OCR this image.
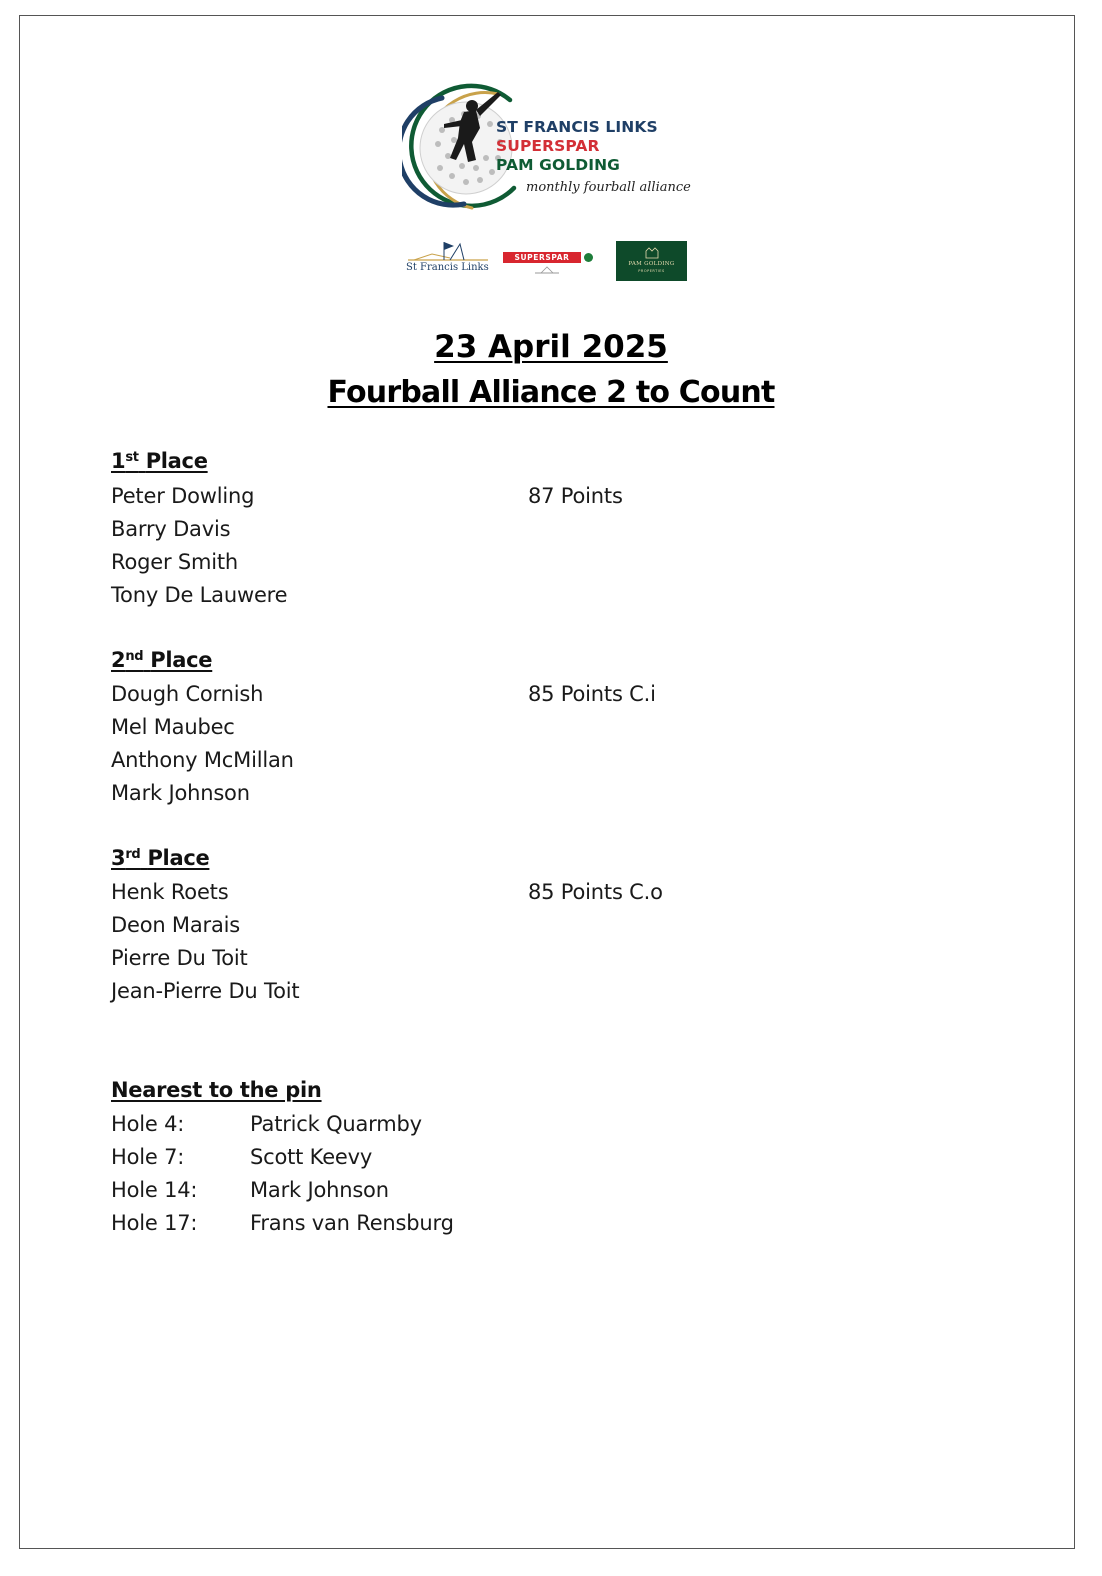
ST FRANCIS LINKS
SUPERSPAR
PAM GOLDING
monthly fourball alliance
St Francis Links
SUPERSPAR
PAM GOLDING
PROPERTIES
23 April 2025
Fourball Alliance 2 to Count
1st Place
Peter Dowling	87 Points
Barry Davis
Roger Smith
Tony De Lauwere
2nd Place
Dough Cornish	85 Points C.i
Mel Maubec
Anthony McMillan
Mark Johnson
3rd Place
Henk Roets	85 Points C.o
Deon Marais
Pierre Du Toit
Jean-Pierre Du Toit
Nearest to the pin
Hole 4:	Patrick Quarmby
Hole 7:	Scott Keevy
Hole 14:	Mark Johnson
Hole 17:	Frans van Rensburg
